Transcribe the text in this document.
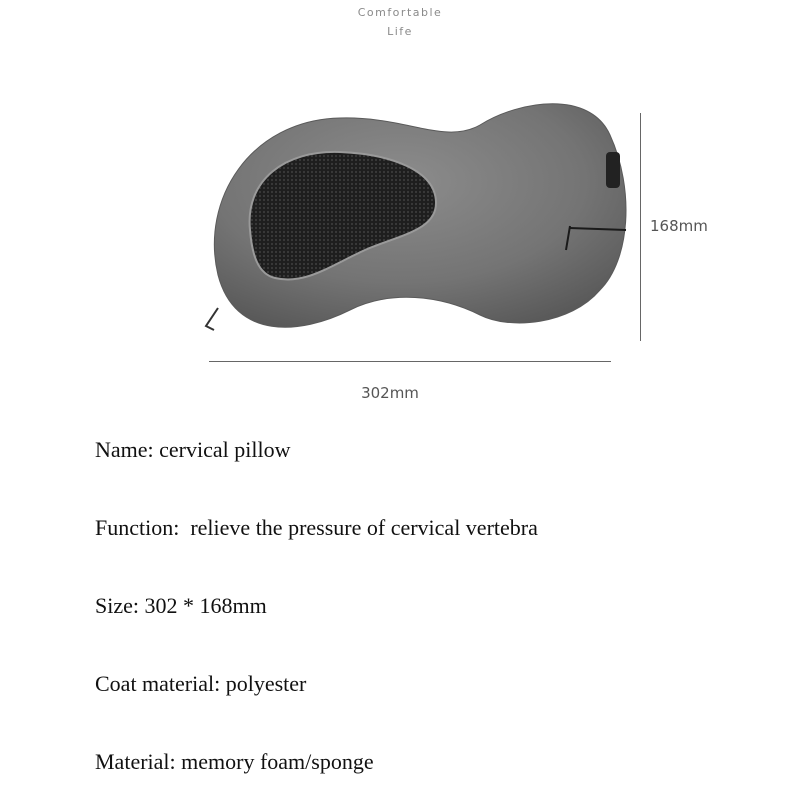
Comfortable
Life
302mm
168mm
Name: cervical pillow
Function:  relieve the pressure of cervical vertebra
Size: 302 * 168mm
Coat material: polyester
Material: memory foam/sponge
